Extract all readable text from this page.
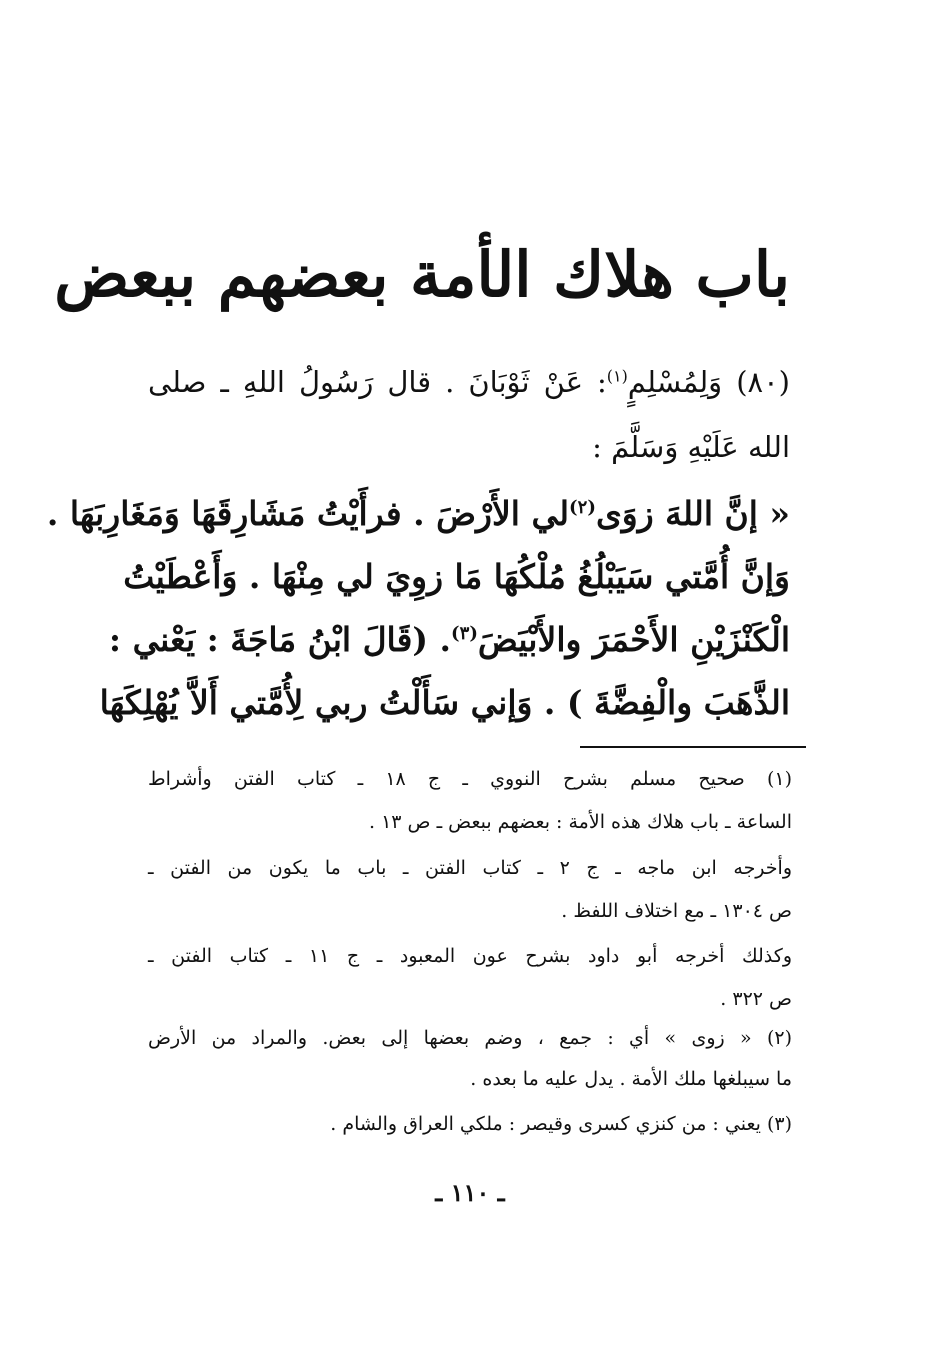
باب هلاك الأمة بعضهم ببعض
(٨٠) وَلِمُسْلِمٍ$^{(١)}$: عَنْ ثَوْبَانَ . قال رَسُولُ اللهِ ـ صلى
الله عَلَيْهِ وَسَلَّمَ :
« إنَّ اللهَ زوَى$^{(٢)}$لي الأَرْضَ . فرأَيْتُ مَشَارِقَهَا وَمَغَارِبَهَا .
وَإنَّ أُمَّتي سَيَبْلُغُ مُلْكُهَا مَا زوِيَ لي مِنْهَا . وَأَعْطَيْتُ
الْكَنْزَيْنِ الأَحْمَرَ والأَبْيَضَ$^{(٣)}$. (قَالَ ابْنُ مَاجَةَ : يَعْني :
الذَّهَبَ والْفِضَّةَ ) . وَإني سَأَلْتُ ربي لِأُمَّتي أَلاَّ يُهْلِكَهَا
(١) صحيح مسلم بشرح النووي ـ ج ١٨ ـ كتاب الفتن وأشراط
الساعة ـ باب هلاك هذه الأمة : بعضهم ببعض ـ ص ١٣ .
وأخرجه ابن ماجه ـ ج ٢ ـ كتاب الفتن ـ باب ما يكون من الفتن ـ
ص ١٣٠٤ ـ مع اختلاف اللفظ .
وكذلك أخرجه أبو داود بشرح عون المعبود ـ ج ١١ ـ كتاب الفتن ـ
ص ٣٢٢ .
(٢) « زوى » أي : جمع ، وضم بعضها إلى بعض. والمراد من الأرض
ما سيبلغها ملك الأمة . يدل عليه ما بعده .
(٣) يعني : من كنزي كسرى وقيصر : ملكي العراق والشام .
ـ ١١٠ ـ
